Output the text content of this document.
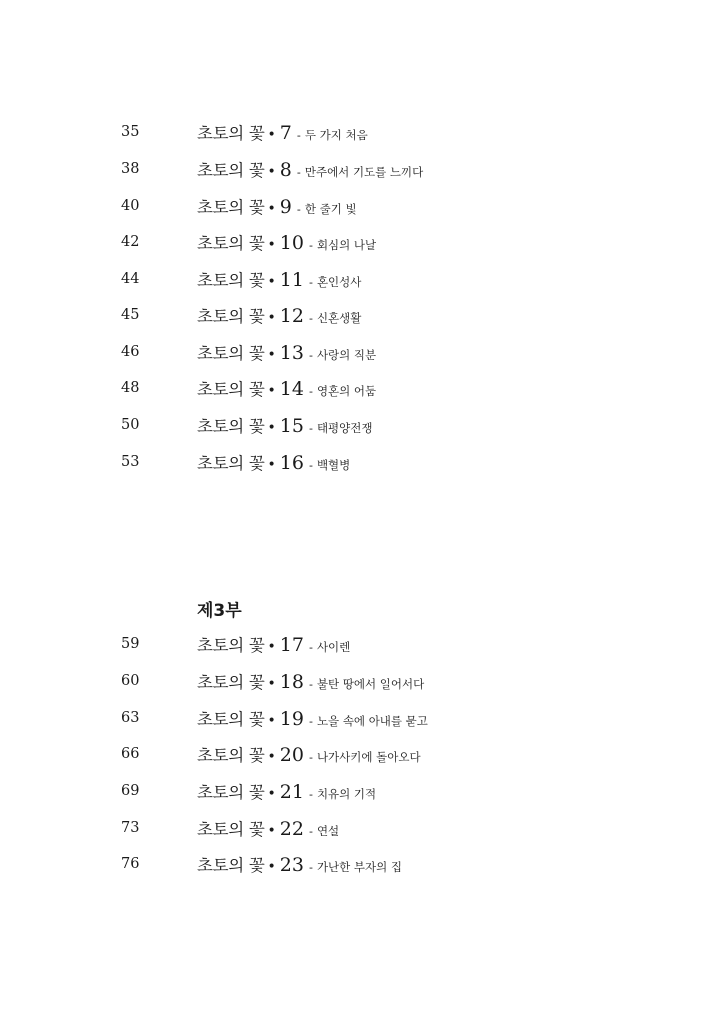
35	초토의 꽃 • 7 - 두 가지 처음
38	초토의 꽃 • 8 - 만주에서 기도를 느끼다
40	초토의 꽃 • 9 - 한 줄기 빛
42	초토의 꽃 • 10 - 회심의 나날
44	초토의 꽃 • 11 - 혼인성사
45	초토의 꽃 • 12 - 신혼생활
46	초토의 꽃 • 13 - 사랑의 직분
48	초토의 꽃 • 14 - 영혼의 어둠
50	초토의 꽃 • 15 - 태평양전쟁
53	초토의 꽃 • 16 - 백혈병
제3부
59	초토의 꽃 • 17 - 사이렌
60	초토의 꽃 • 18 - 불탄 땅에서 일어서다
63	초토의 꽃 • 19 - 노을 속에 아내를 묻고
66	초토의 꽃 • 20 - 나가사키에 돌아오다
69	초토의 꽃 • 21 - 치유의 기적
73	초토의 꽃 • 22 - 연설
76	초토의 꽃 • 23 - 가난한 부자의 집
